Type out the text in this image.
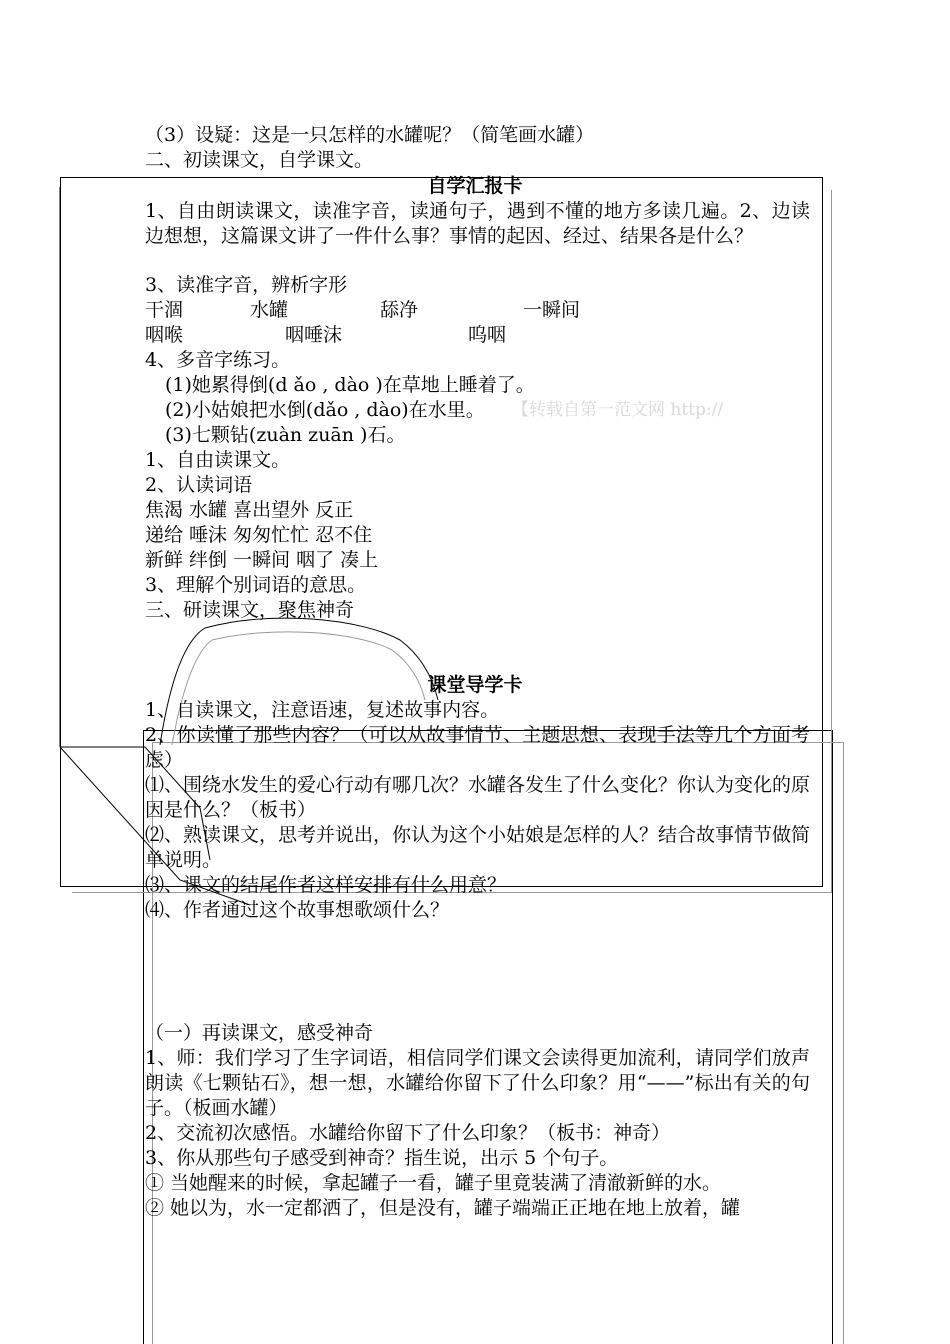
（3）设疑：这是一只怎样的水罐呢？（简笔画水罐）
二、初读课文，自学课文。
自学汇报卡
1、自由朗读课文，读准字音，读通句子，遇到不懂的地方多读几遍。2、边读边想想，这篇课文讲了一件什么事？事情的起因、经过、结果各是什么？
3、读准字音，辨析字形
干涸	水罐	舔净	一瞬间
咽喉	咽唾沫	呜咽
4、多音字练习。
(1)她累得倒(d ǎo , dào )在草地上睡着了。
(2)小姑娘把水倒(dǎo , dào)在水里。 【转载自第一范文网 http://
(3)七颗钻(zuàn zuān )石。
1、自由读课文。
2、认读词语
焦渴 水罐 喜出望外 反正
递给 唾沫 匆匆忙忙 忍不住
新鲜 绊倒 一瞬间 咽了 凑上
3、理解个别词语的意思。
三、研读课文，聚焦神奇
课堂导学卡
1、自读课文，注意语速，复述故事内容。
2、你读懂了那些内容？（可以从故事情节、主题思想、表现手法等几个方面考虑）
⑴、围绕水发生的爱心行动有哪几次？水罐各发生了什么变化？你认为变化的原因是什么？（板书）
⑵、熟读课文，思考并说出，你认为这个小姑娘是怎样的人？结合故事情节做简单说明。
⑶、课文的结尾作者这样安排有什么用意？
⑷、作者通过这个故事想歌颂什么？
（一）再读课文，感受神奇
1、师：我们学习了生字词语，相信同学们课文会读得更加流利，请同学们放声朗读《七颗钻石》，想一想，水罐给你留下了什么印象？用“——”标出有关的句子。（板画水罐）
2、交流初次感悟。水罐给你留下了什么印象？（板书：神奇）
3、你从那些句子感受到神奇？指生说，出示 5 个句子。
① 当她醒来的时候，拿起罐子一看，罐子里竟装满了清澈新鲜的水。
② 她以为，水一定都洒了，但是没有，罐子端端正正地在地上放着，罐
